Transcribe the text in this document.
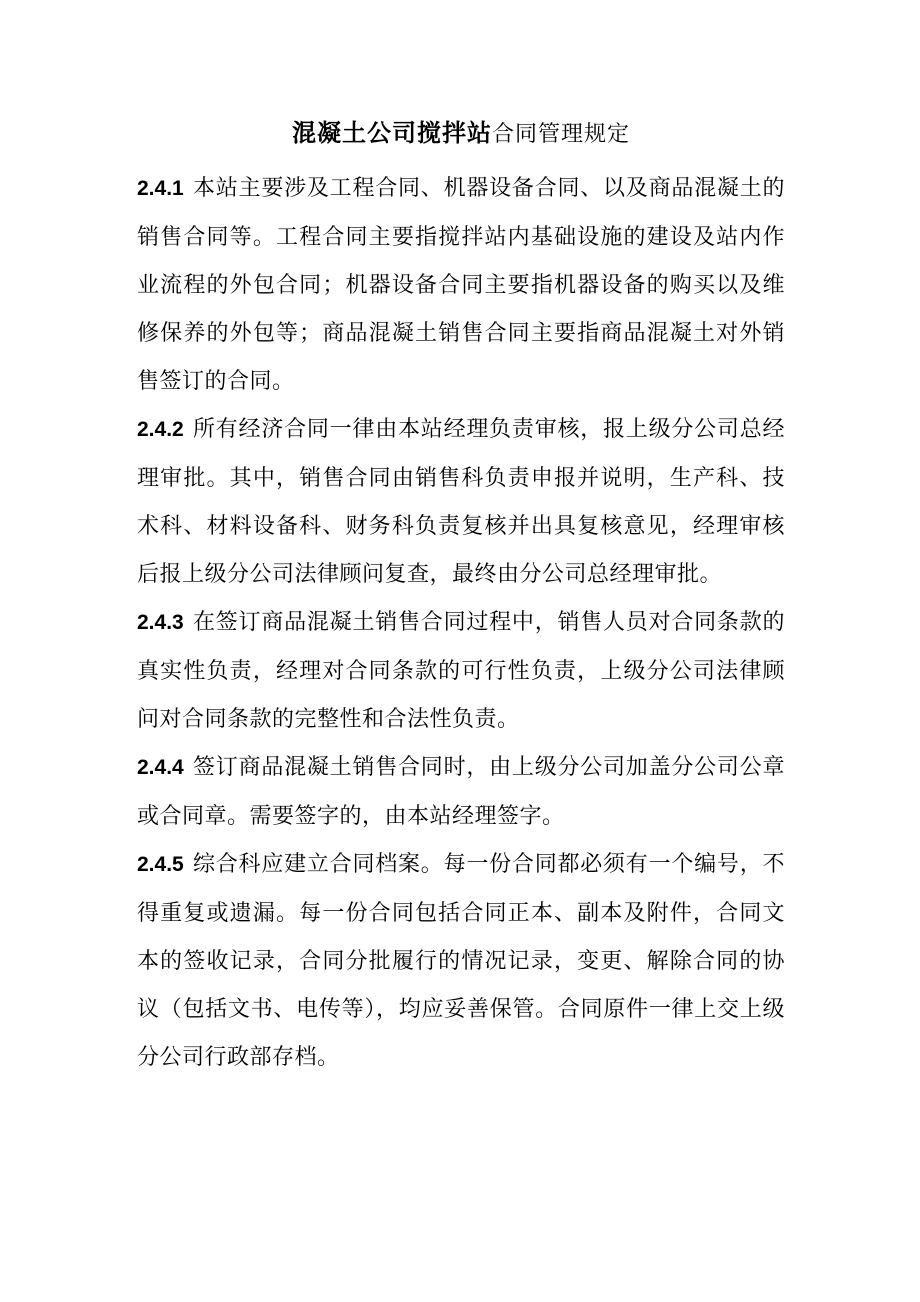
混凝土公司搅拌站合同管理规定

2.4.1 本站主要涉及工程合同、机器设备合同、以及商品混凝土的销售合同等。工程合同主要指搅拌站内基础设施的建设及站内作业流程的外包合同；机器设备合同主要指机器设备的购买以及维修保养的外包等；商品混凝土销售合同主要指商品混凝土对外销售签订的合同。

2.4.2 所有经济合同一律由本站经理负责审核，报上级分公司总经理审批。其中，销售合同由销售科负责申报并说明，生产科、技术科、材料设备科、财务科负责复核并出具复核意见，经理审核后报上级分公司法律顾问复查，最终由分公司总经理审批。

2.4.3 在签订商品混凝土销售合同过程中，销售人员对合同条款的真实性负责，经理对合同条款的可行性负责，上级分公司法律顾问对合同条款的完整性和合法性负责。

2.4.4 签订商品混凝土销售合同时，由上级分公司加盖分公司公章或合同章。需要签字的，由本站经理签字。

2.4.5 综合科应建立合同档案。每一份合同都必须有一个编号，不得重复或遗漏。每一份合同包括合同正本、副本及附件，合同文本的签收记录，合同分批履行的情况记录，变更、解除合同的协议（包括文书、电传等），均应妥善保管。合同原件一律上交上级分公司行政部存档。
